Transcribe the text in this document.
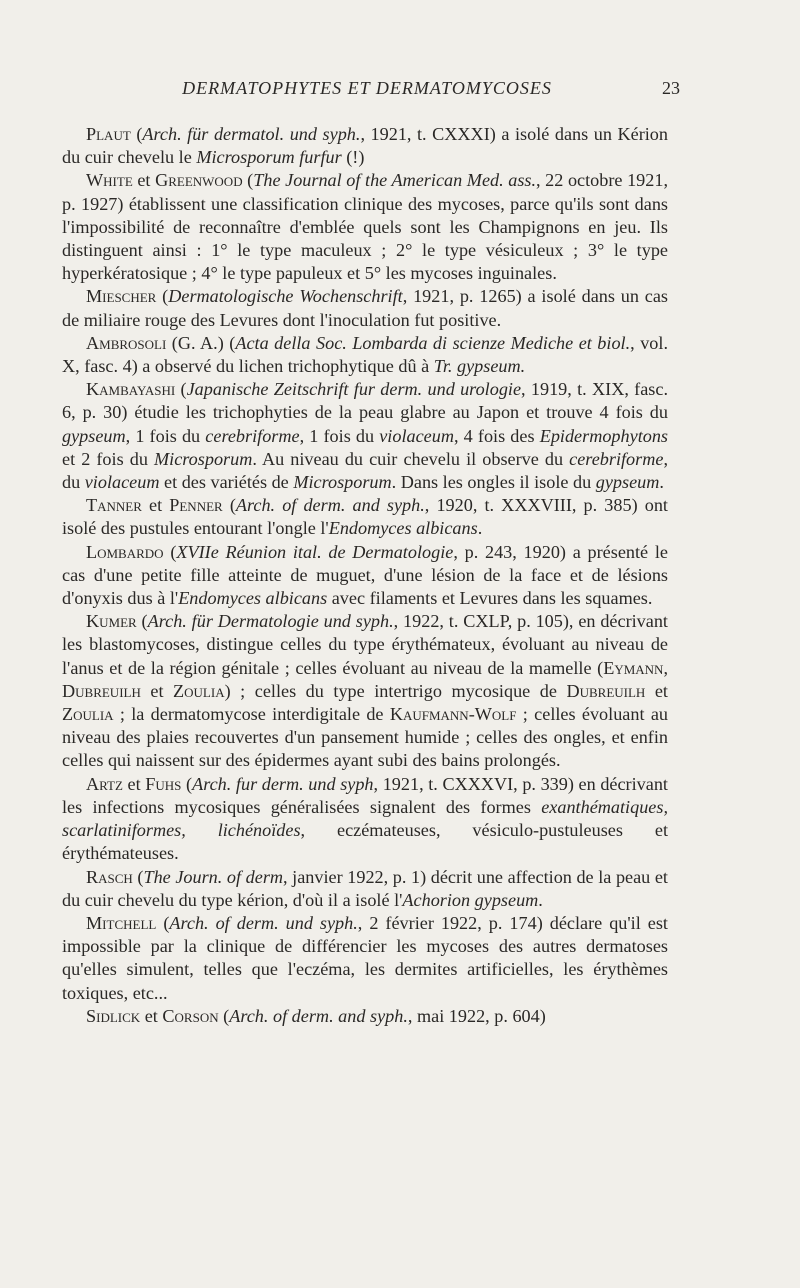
DERMATOPHYTES ET DERMATOMYCOSES	23

Plaut (Arch. für dermatol. und syph., 1921, t. CXXXI) a isolé dans un Kérion du cuir chevelu le Microsporum furfur (!)

White et Greenwood (The Journal of the American Med. ass., 22 octobre 1921, p. 1927) établissent une classification clinique des mycoses, parce qu'ils sont dans l'impossibilité de reconnaître d'emblée quels sont les Champignons en jeu. Ils distinguent ainsi : 1° le type maculeux ; 2° le type vésiculeux ; 3° le type hyperkératosique ; 4° le type papuleux et 5° les mycoses inguinales.

Miescher (Dermatologische Wochenschrift, 1921, p. 1265) a isolé dans un cas de miliaire rouge des Levures dont l'inoculation fut positive.

Ambrosoli (G. A.) (Acta della Soc. Lombarda di scienze Mediche et biol., vol. X, fasc. 4) a observé du lichen trichophytique dû à Tr. gypseum.

Kambayashi (Japanische Zeitschrift fur derm. und urologie, 1919, t. XIX, fasc. 6, p. 30) étudie les trichophyties de la peau glabre au Japon et trouve 4 fois du gypseum, 1 fois du cerebriforme, 1 fois du violaceum, 4 fois des Epidermophytons et 2 fois du Microsporum. Au niveau du cuir chevelu il observe du cerebriforme, du violaceum et des variétés de Microsporum. Dans les ongles il isole du gypseum.

Tanner et Penner (Arch. of derm. and syph., 1920, t. XXXVIII, p. 385) ont isolé des pustules entourant l'ongle l'Endomyces albicans.

Lombardo (XVIIe Réunion ital. de Dermatologie, p. 243, 1920) a présenté le cas d'une petite fille atteinte de muguet, d'une lésion de la face et de lésions d'onyxis dus à l'Endomyces albicans avec filaments et Levures dans les squames.

Kumer (Arch. für Dermatologie und syph., 1922, t. CXLP, p. 105), en décrivant les blastomycoses, distingue celles du type érythémateux, évoluant au niveau de l'anus et de la région génitale ; celles évoluant au niveau de la mamelle (Eymann, Dubreuilh et Zoulia) ; celles du type intertrigo mycosique de Dubreuilh et Zoulia ; la dermatomycose interdigitale de Kaufmann-Wolf ; celles évoluant au niveau des plaies recouvertes d'un pansement humide ; celles des ongles, et enfin celles qui naissent sur des épidermes ayant subi des bains prolongés.

Artz et Fuhs (Arch. fur derm. und syph, 1921, t. CXXXVI, p. 339) en décrivant les infections mycosiques généralisées signalent des formes exanthématiques, scarlatiniformes, lichénoïdes, eczémateuses, vésiculo-pustuleuses et érythémateuses.

Rasch (The Journ. of derm, janvier 1922, p. 1) décrit une affection de la peau et du cuir chevelu du type kérion, d'où il a isolé l'Achorion gypseum.

Mitchell (Arch. of derm. und syph., 2 février 1922, p. 174) déclare qu'il est impossible par la clinique de différencier les mycoses des autres dermatoses qu'elles simulent, telles que l'eczéma, les dermites artificielles, les érythèmes toxiques, etc...

Sidlick et Corson (Arch. of derm. and syph., mai 1922, p. 604)
